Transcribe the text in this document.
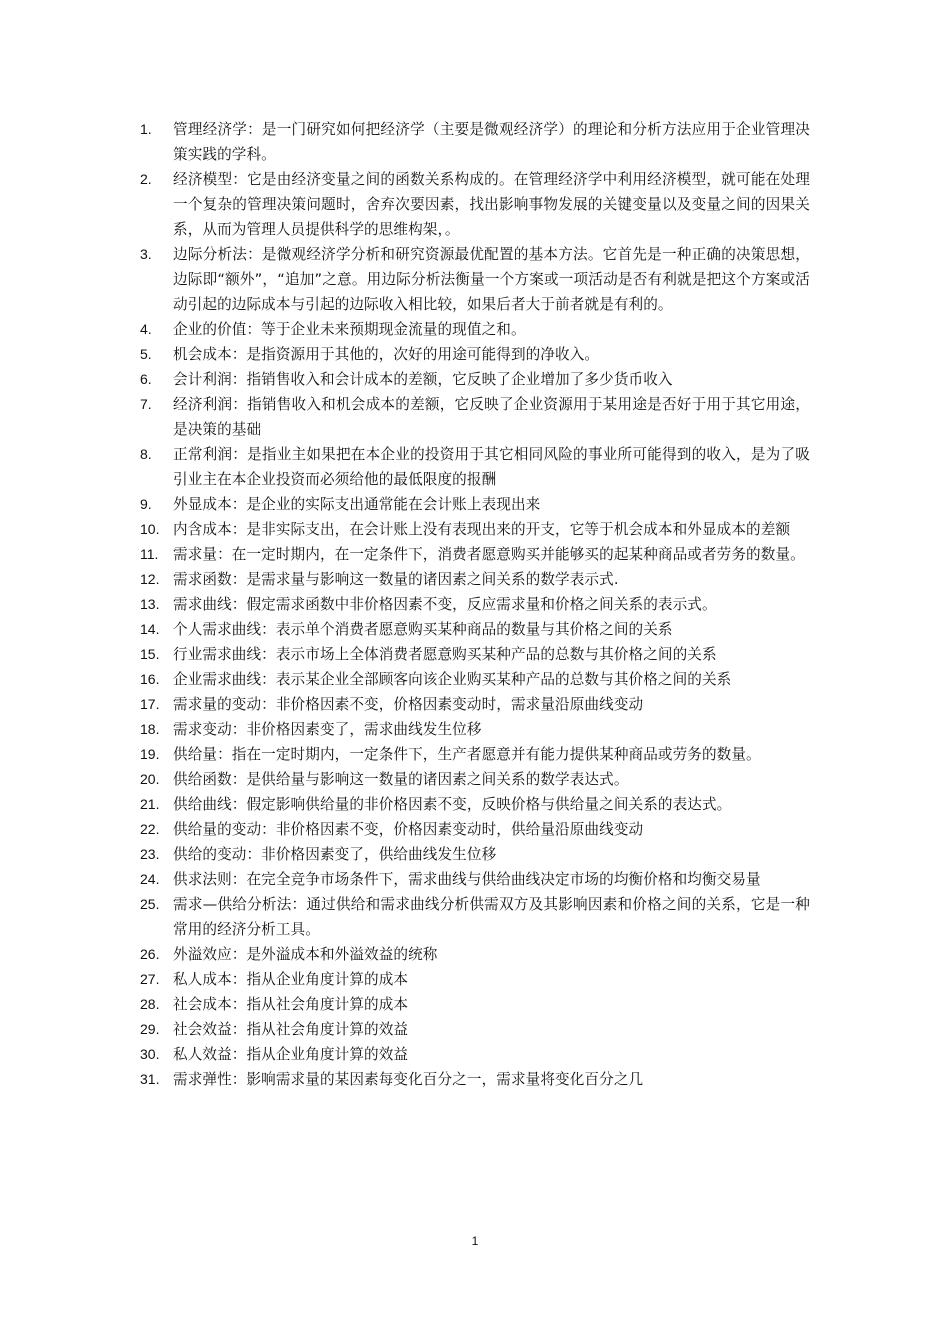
1.	管理经济学：是一门研究如何把经济学（主要是微观经济学）的理论和分析方法应用于企业管理决策实践的学科。
2.	经济模型：它是由经济变量之间的函数关系构成的。在管理经济学中利用经济模型，就可能在处理一个复杂的管理决策问题时，舍弃次要因素，找出影响事物发展的关键变量以及变量之间的因果关系，从而为管理人员提供科学的思维构架，。
3.	边际分析法：是微观经济学分析和研究资源最优配置的基本方法。它首先是一种正确的决策思想，边际即“额外”，“追加”之意。用边际分析法衡量一个方案或一项活动是否有利就是把这个方案或活动引起的边际成本与引起的边际收入相比较，如果后者大于前者就是有利的。
4.	企业的价值：等于企业未来预期现金流量的现值之和。
5.	机会成本：是指资源用于其他的，次好的用途可能得到的净收入。
6.	会计利润：指销售收入和会计成本的差额，它反映了企业增加了多少货币收入
7.	经济利润：指销售收入和机会成本的差额，它反映了企业资源用于某用途是否好于用于其它用途，是决策的基础
8.	正常利润：是指业主如果把在本企业的投资用于其它相同风险的事业所可能得到的收入，是为了吸引业主在本企业投资而必须给他的最低限度的报酬
9.	外显成本：是企业的实际支出通常能在会计账上表现出来
10. 内含成本：是非实际支出，在会计账上没有表现出来的开支，它等于机会成本和外显成本的差额
11. 需求量：在一定时期内，在一定条件下，消费者愿意购买并能够买的起某种商品或者劳务的数量。
12. 需求函数：是需求量与影响这一数量的诸因素之间关系的数学表示式.
13. 需求曲线：假定需求函数中非价格因素不变，反应需求量和价格之间关系的表示式。
14. 个人需求曲线：表示单个消费者愿意购买某种商品的数量与其价格之间的关系
15. 行业需求曲线：表示市场上全体消费者愿意购买某种产品的总数与其价格之间的关系
16. 企业需求曲线：表示某企业全部顾客向该企业购买某种产品的总数与其价格之间的关系
17. 需求量的变动：非价格因素不变，价格因素变动时，需求量沿原曲线变动
18. 需求变动：非价格因素变了，需求曲线发生位移
19. 供给量：指在一定时期内，一定条件下，生产者愿意并有能力提供某种商品或劳务的数量。
20. 供给函数：是供给量与影响这一数量的诸因素之间关系的数学表达式。
21. 供给曲线：假定影响供给量的非价格因素不变，反映价格与供给量之间关系的表达式。
22. 供给量的变动：非价格因素不变，价格因素变动时，供给量沿原曲线变动
23. 供给的变动：非价格因素变了，供给曲线发生位移
24. 供求法则：在完全竞争市场条件下，需求曲线与供给曲线决定市场的均衡价格和均衡交易量
25. 需求—供给分析法：通过供给和需求曲线分析供需双方及其影响因素和价格之间的关系，它是一种常用的经济分析工具。
26. 外溢效应：是外溢成本和外溢效益的统称
27. 私人成本：指从企业角度计算的成本
28. 社会成本：指从社会角度计算的成本
29. 社会效益：指从社会角度计算的效益
30. 私人效益：指从企业角度计算的效益
31. 需求弹性：影响需求量的某因素每变化百分之一，需求量将变化百分之几
1
